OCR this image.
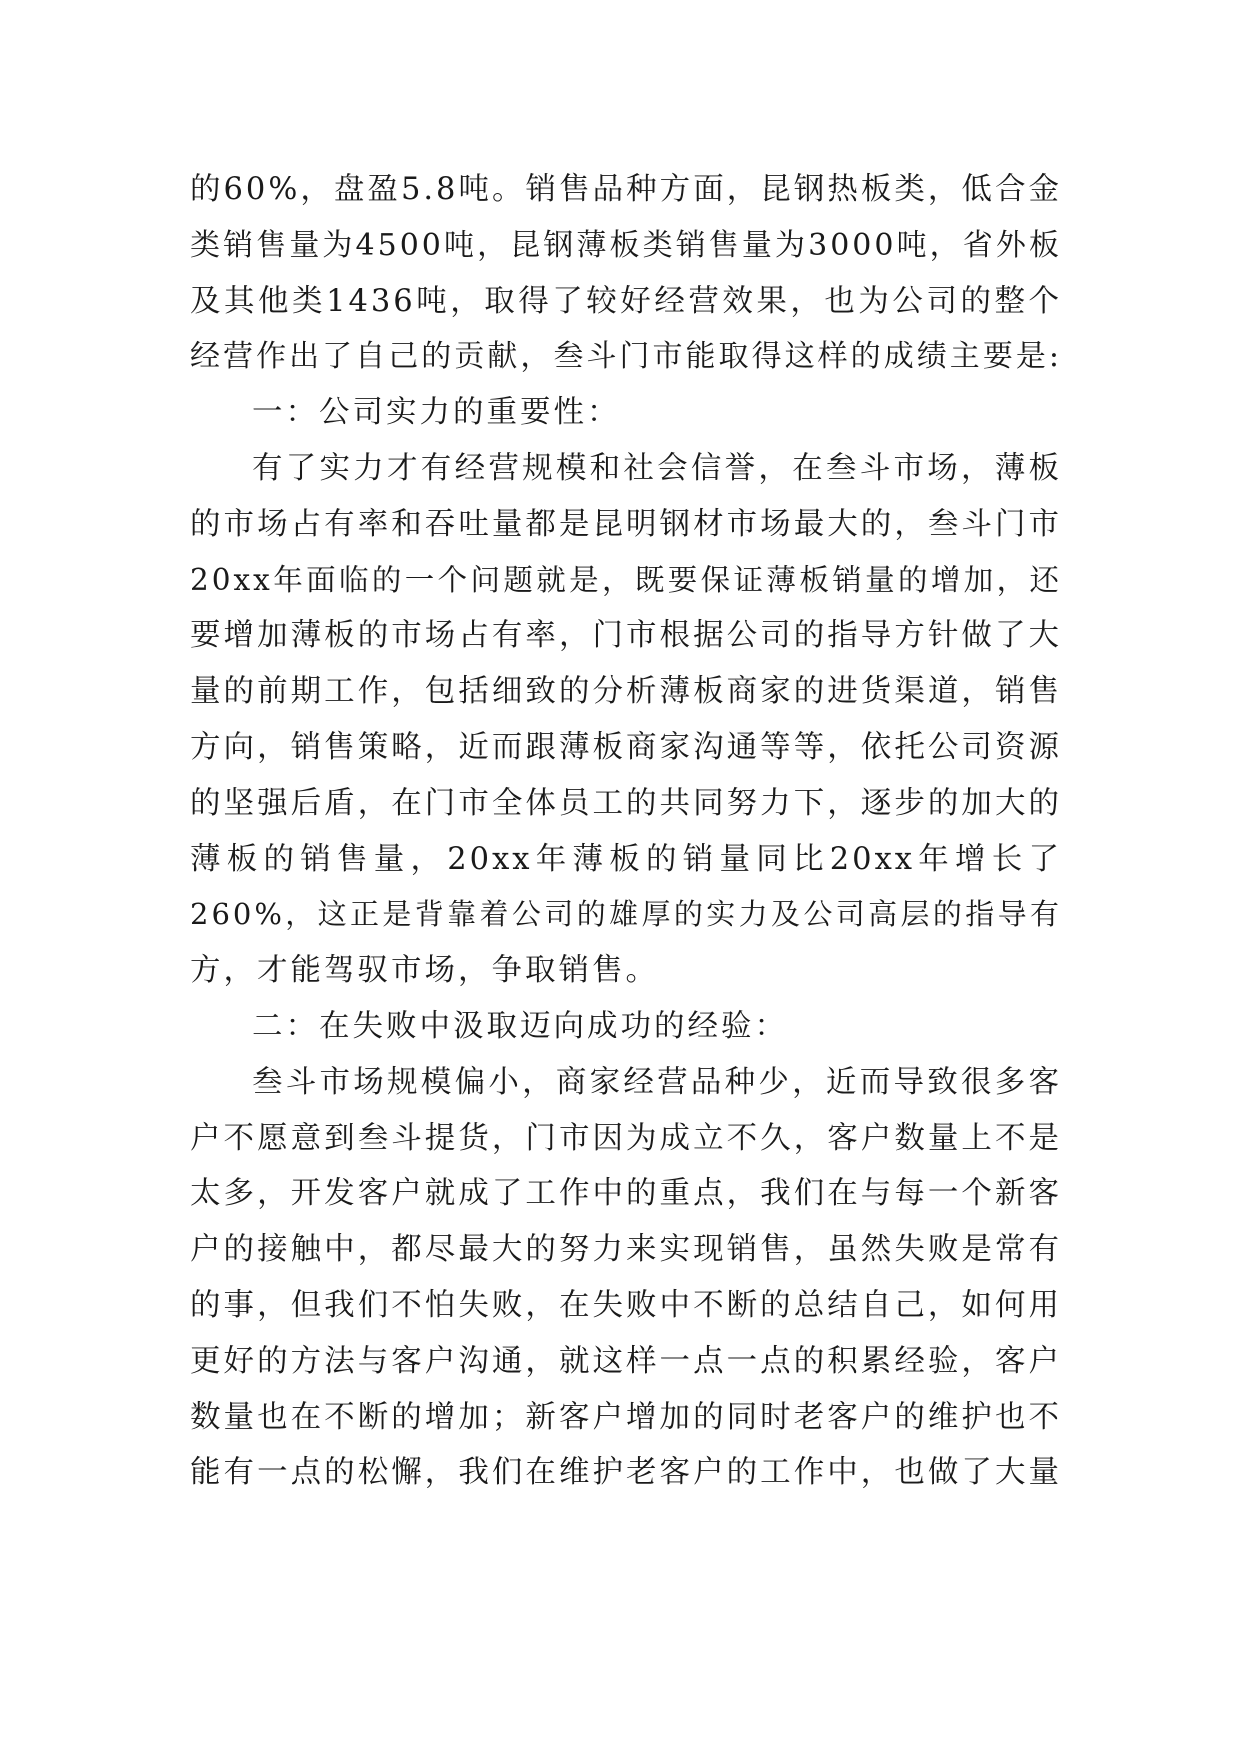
的60%，盘盈5.8吨。销售品种方面，昆钢热板类，低合金
类销售量为4500吨，昆钢薄板类销售量为3000吨，省外板
及其他类1436吨，取得了较好经营效果，也为公司的整个
经营作出了自己的贡献，叁斗门市能取得这样的成绩主要是:
一：公司实力的重要性：
有了实力才有经营规模和社会信誉，在叁斗市场，薄板
的市场占有率和吞吐量都是昆明钢材市场最大的，叁斗门市
20xx年面临的一个问题就是，既要保证薄板销量的增加，还
要增加薄板的市场占有率，门市根据公司的指导方针做了大
量的前期工作，包括细致的分析薄板商家的进货渠道，销售
方向，销售策略，近而跟薄板商家沟通等等，依托公司资源
的坚强后盾，在门市全体员工的共同努力下，逐步的加大的
薄板的销售量，20xx年薄板的销量同比20xx年增长了
260%，这正是背靠着公司的雄厚的实力及公司高层的指导有
方，才能驾驭市场，争取销售。
二：在失败中汲取迈向成功的经验：
叁斗市场规模偏小，商家经营品种少，近而导致很多客
户不愿意到叁斗提货，门市因为成立不久，客户数量上不是
太多，开发客户就成了工作中的重点，我们在与每一个新客
户的接触中，都尽最大的努力来实现销售，虽然失败是常有
的事，但我们不怕失败，在失败中不断的总结自己，如何用
更好的方法与客户沟通，就这样一点一点的积累经验，客户
数量也在不断的增加；新客户增加的同时老客户的维护也不
能有一点的松懈，我们在维护老客户的工作中，也做了大量
